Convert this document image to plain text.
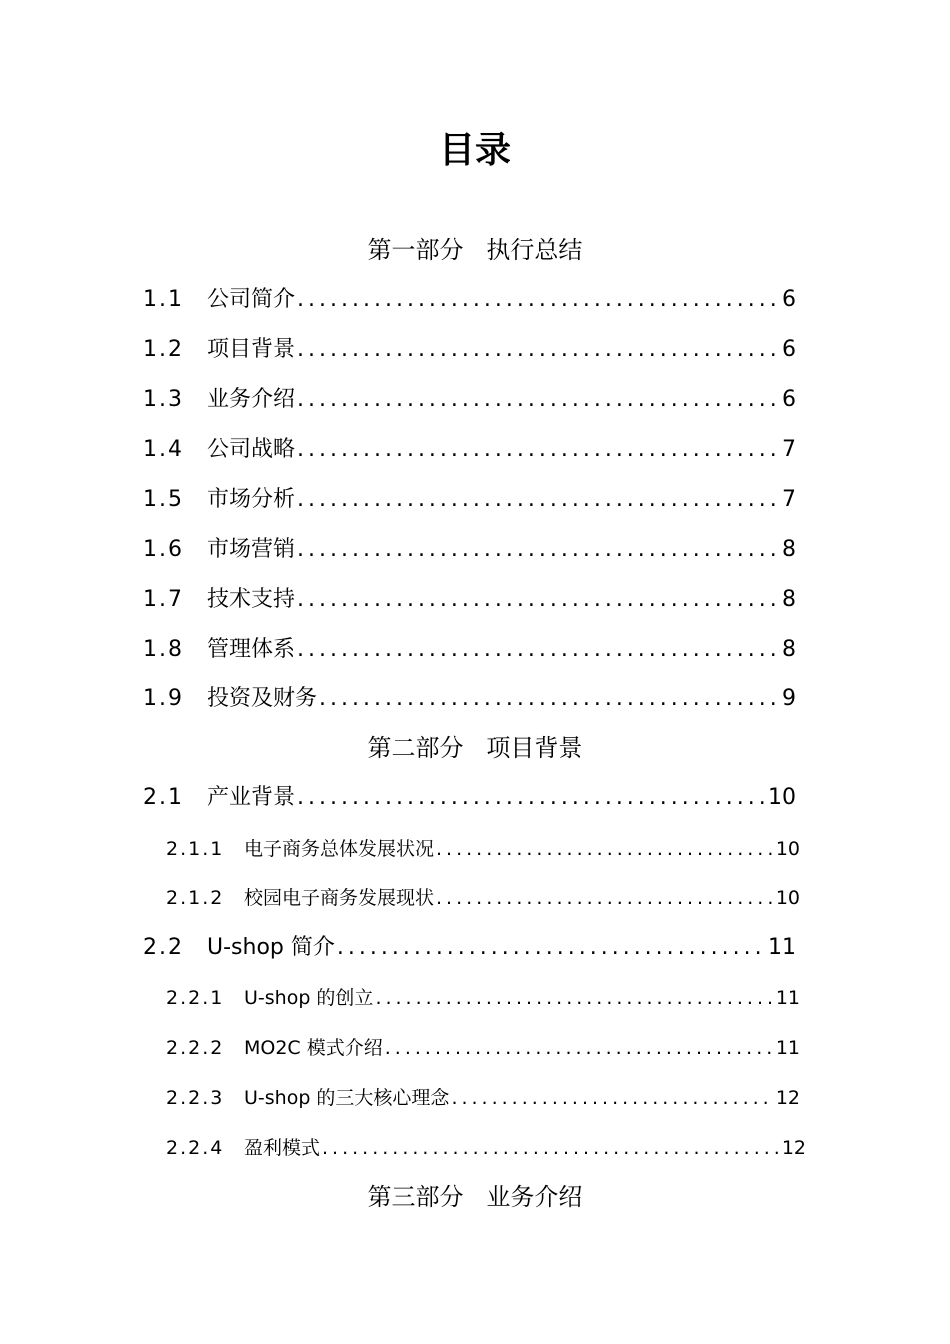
目录
第一部分   执行总结
1.1	公司简介 .....	6
1.2	项目背景 .....	6
1.3	业务介绍 .....	6
1.4	公司战略 .....	7
1.5	市场分析 .....	7
1.6	市场营销 .....	8
1.7	技术支持 .....	8
1.8	管理体系 .....	8
1.9	投资及财务 .....	9
第二部分   项目背景
2.1	产业背景 .....	10
2.1.1	电子商务总体发展状况 .....	10
2.1.2	校园电子商务发展现状 .....	10
2.2	U-shop 简介 .....	11
2.2.1	U-shop 的创立 .....	11
2.2.2	MO2C 模式介绍 .....	11
2.2.3	U-shop 的三大核心理念 .....	12
2.2.4	盈利模式 .....	12
第三部分   业务介绍
